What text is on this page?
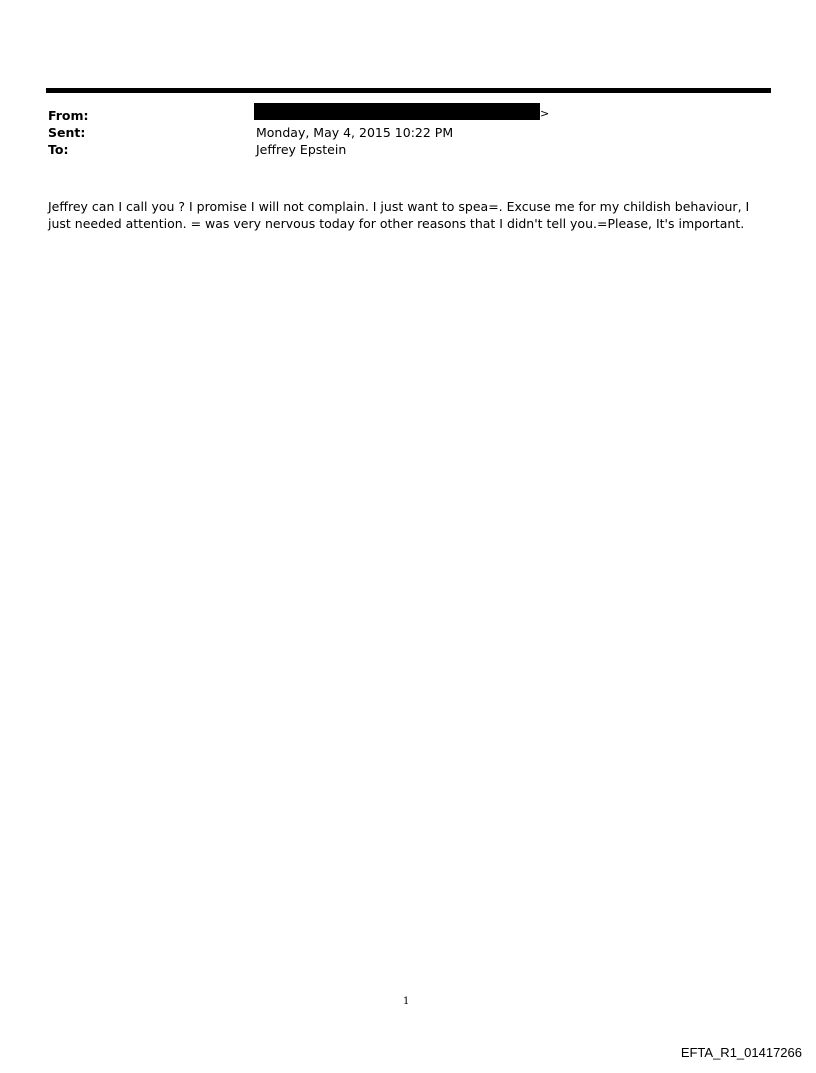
From:	>
Sent:	Monday, May 4, 2015 10:22 PM
To:	Jeffrey Epstein
Jeffrey can I call you ? I promise I will not complain. I just want to spea=. Excuse me for my childish behaviour, I just needed attention. = was very nervous today for other reasons that I didn't tell you.=Please, It's important.
1
EFTA_R1_01417266
